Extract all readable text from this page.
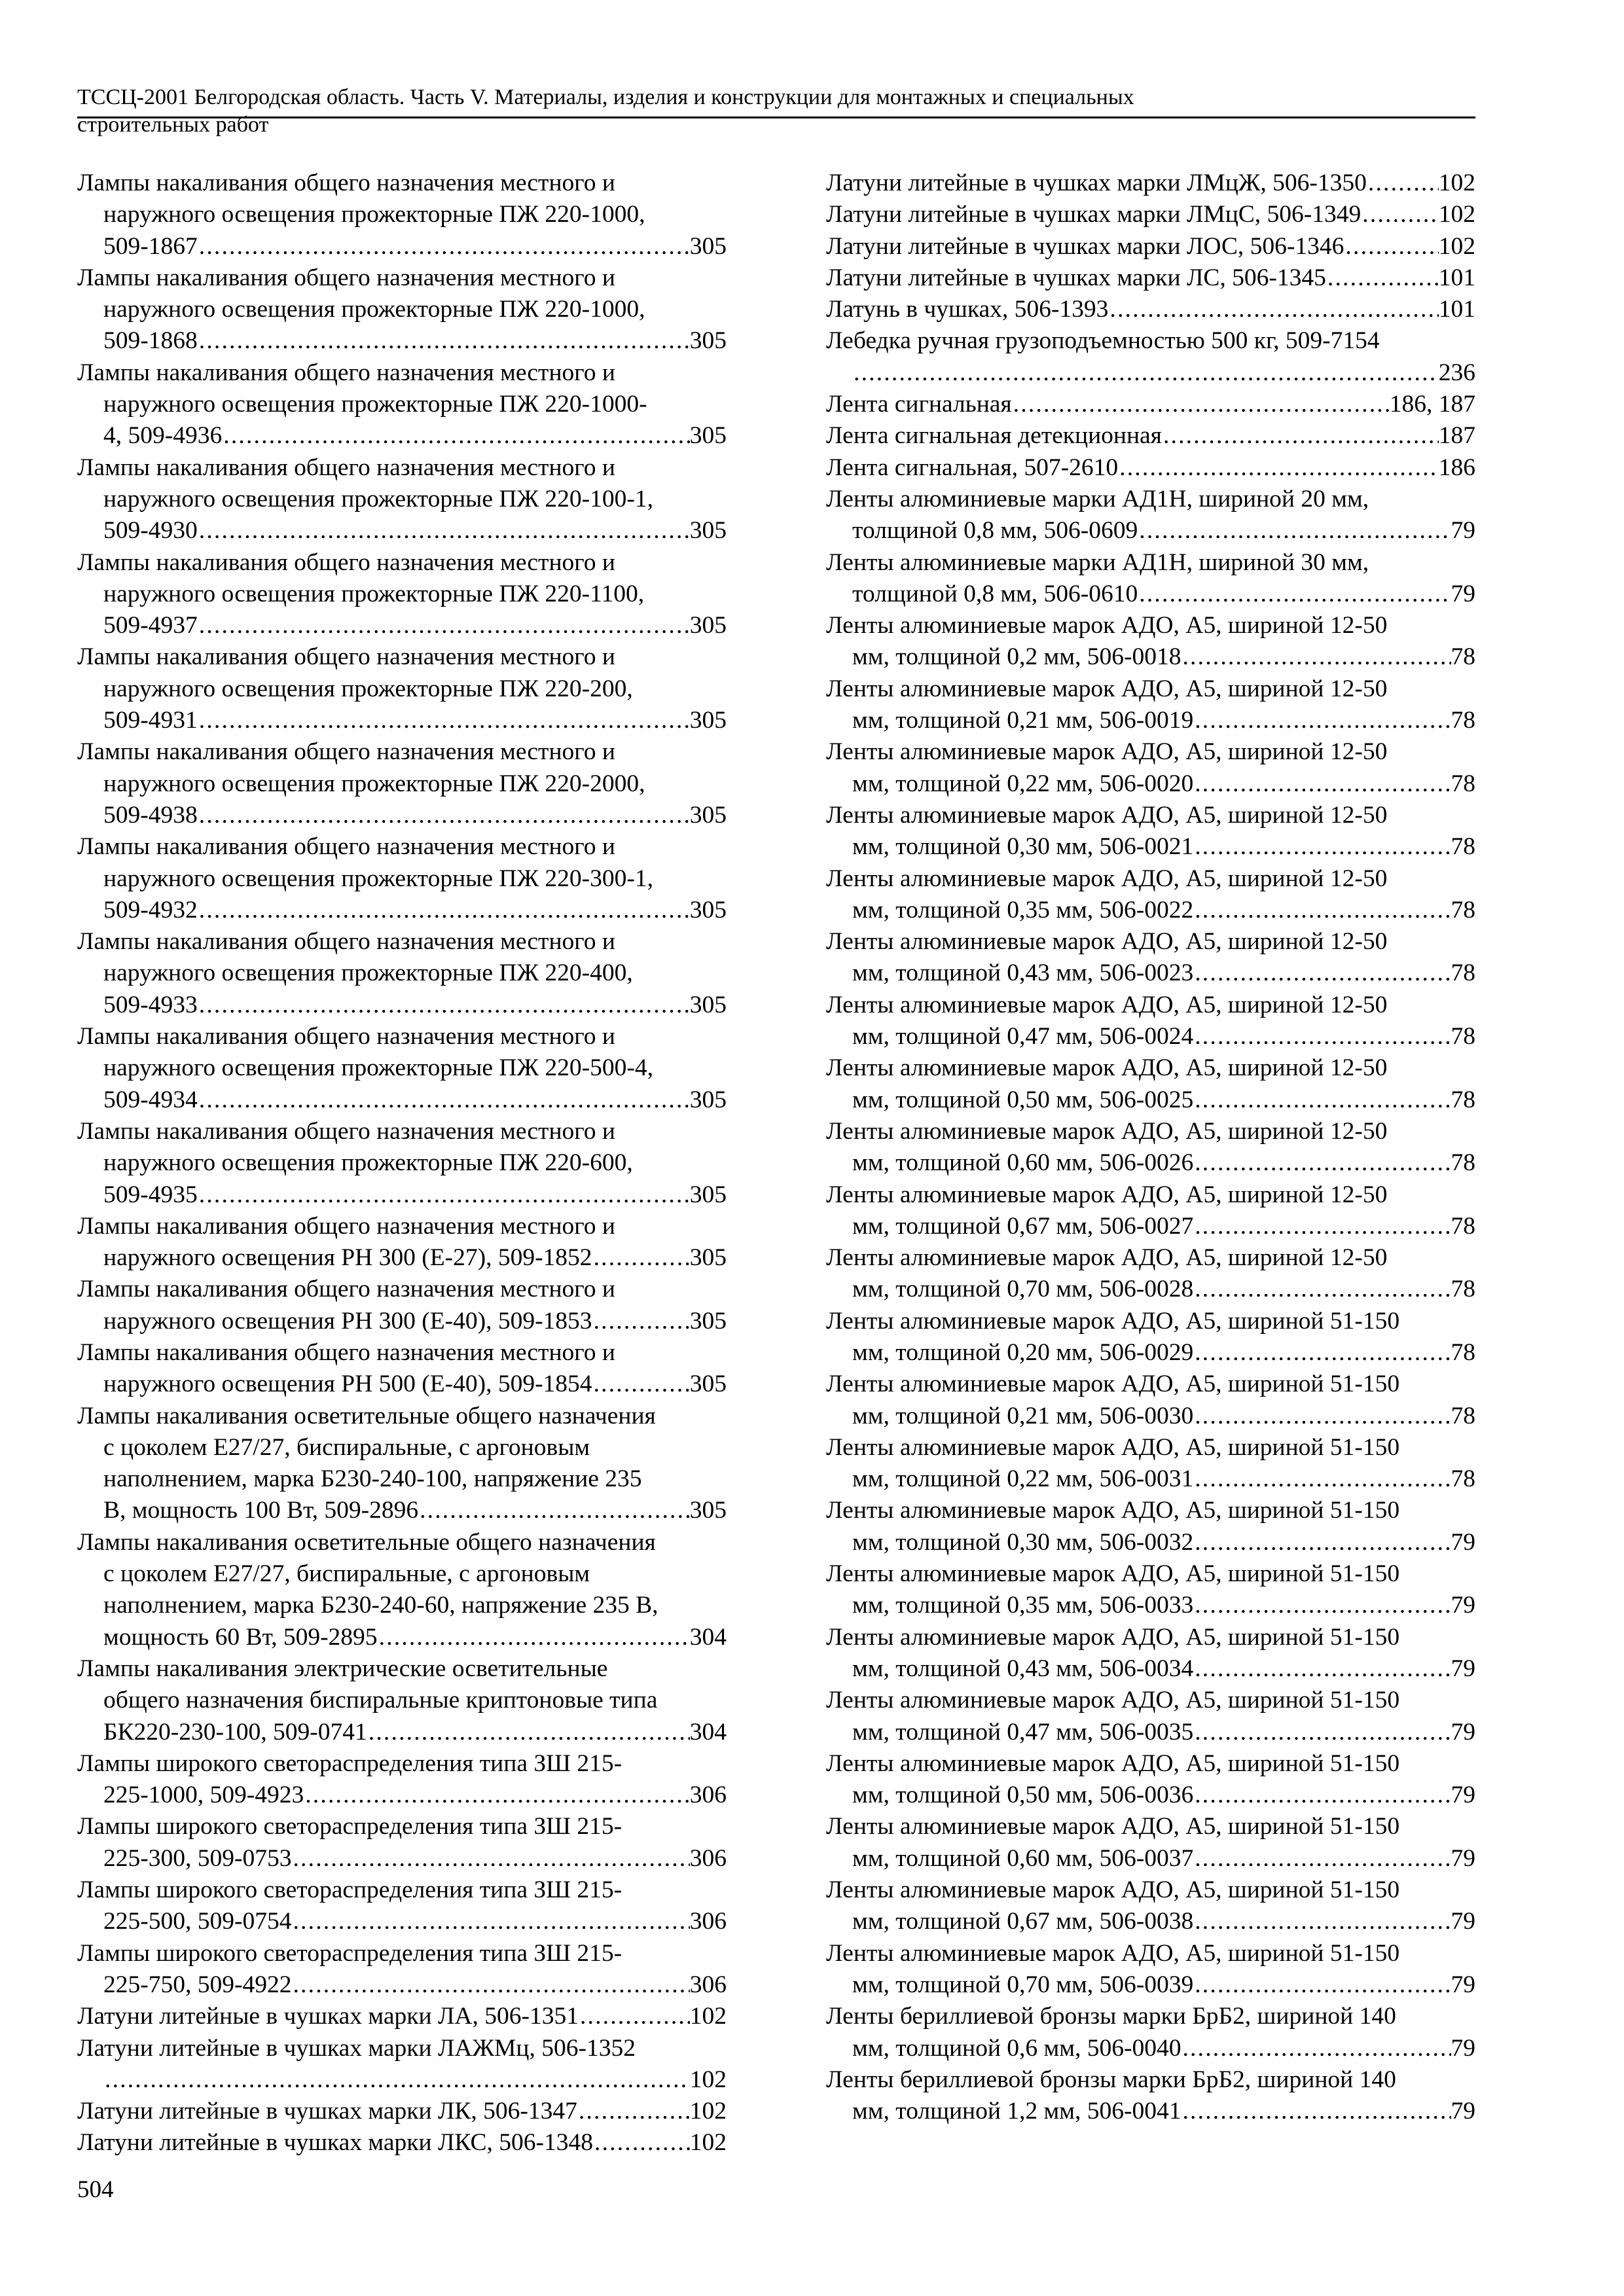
ТССЦ-2001 Белгородская область. Часть V. Материалы, изделия и конструкции для монтажных и специальных
строительных работ
Лампы накаливания общего назначения местного и
наружного освещения прожекторные ПЖ 220-1000,
509-1867 .....	305
Лампы накаливания общего назначения местного и
наружного освещения прожекторные ПЖ 220-1000,
509-1868 .....	305
Лампы накаливания общего назначения местного и
наружного освещения прожекторные ПЖ 220-1000-
4, 509-4936 .....	305
Лампы накаливания общего назначения местного и
наружного освещения прожекторные ПЖ 220-100-1,
509-4930 .....	305
Лампы накаливания общего назначения местного и
наружного освещения прожекторные ПЖ 220-1100,
509-4937 .....	305
Лампы накаливания общего назначения местного и
наружного освещения прожекторные ПЖ 220-200,
509-4931 .....	305
Лампы накаливания общего назначения местного и
наружного освещения прожекторные ПЖ 220-2000,
509-4938 .....	305
Лампы накаливания общего назначения местного и
наружного освещения прожекторные ПЖ 220-300-1,
509-4932 .....	305
Лампы накаливания общего назначения местного и
наружного освещения прожекторные ПЖ 220-400,
509-4933 .....	305
Лампы накаливания общего назначения местного и
наружного освещения прожекторные ПЖ 220-500-4,
509-4934 .....	305
Лампы накаливания общего назначения местного и
наружного освещения прожекторные ПЖ 220-600,
509-4935 .....	305
Лампы накаливания общего назначения местного и
наружного освещения РН 300 (Е-27), 509-1852 .....	305
Лампы накаливания общего назначения местного и
наружного освещения РН 300 (Е-40), 509-1853 .....	305
Лампы накаливания общего назначения местного и
наружного освещения РН 500 (Е-40), 509-1854 .....	305
Лампы накаливания осветительные общего назначения
с цоколем Е27/27, биспиральные, с аргоновым
наполнением, марка Б230-240-100, напряжение 235
В, мощность 100 Вт, 509-2896 .....	305
Лампы накаливания осветительные общего назначения
с цоколем Е27/27, биспиральные, с аргоновым
наполнением, марка Б230-240-60, напряжение 235 В,
мощность 60 Вт, 509-2895 .....	304
Лампы накаливания электрические осветительные
общего назначения биспиральные криптоновые типа
БК220-230-100, 509-0741 .....	304
Лампы широкого светораспределения типа ЗШ 215-
225-1000, 509-4923 .....	306
Лампы широкого светораспределения типа ЗШ 215-
225-300, 509-0753 .....	306
Лампы широкого светораспределения типа ЗШ 215-
225-500, 509-0754 .....	306
Лампы широкого светораспределения типа ЗШ 215-
225-750, 509-4922 .....	306
Латуни литейные в чушках марки ЛА, 506-1351 .....	102
Латуни литейные в чушках марки ЛАЖМц, 506-1352
.....
102
Латуни литейные в чушках марки ЛК, 506-1347 .....	102
Латуни литейные в чушках марки ЛКС, 506-1348 .....	102
Латуни литейные в чушках марки ЛМцЖ, 506-1350 .....	102
Латуни литейные в чушках марки ЛМцС, 506-1349 .....	102
Латуни литейные в чушках марки ЛОС, 506-1346 .....	102
Латуни литейные в чушках марки ЛС, 506-1345 .....	101
Латунь в чушках, 506-1393 .....	101
Лебедка ручная грузоподъемностью 500 кг, 509-7154
.....
236
Лента сигнальная .....	186, 187
Лента сигнальная детекционная .....	187
Лента сигнальная, 507-2610 .....	186
Ленты алюминиевые марки АД1Н, шириной 20 мм,
толщиной 0,8 мм, 506-0609 .....	79
Ленты алюминиевые марки АД1Н, шириной 30 мм,
толщиной 0,8 мм, 506-0610 .....	79
Ленты алюминиевые марок АДО, А5, шириной 12-50
мм, толщиной 0,2 мм, 506-0018 .....	78
Ленты алюминиевые марок АДО, А5, шириной 12-50
мм, толщиной 0,21 мм, 506-0019 .....	78
Ленты алюминиевые марок АДО, А5, шириной 12-50
мм, толщиной 0,22 мм, 506-0020 .....	78
Ленты алюминиевые марок АДО, А5, шириной 12-50
мм, толщиной 0,30 мм, 506-0021 .....	78
Ленты алюминиевые марок АДО, А5, шириной 12-50
мм, толщиной 0,35 мм, 506-0022 .....	78
Ленты алюминиевые марок АДО, А5, шириной 12-50
мм, толщиной 0,43 мм, 506-0023 .....	78
Ленты алюминиевые марок АДО, А5, шириной 12-50
мм, толщиной 0,47 мм, 506-0024 .....	78
Ленты алюминиевые марок АДО, А5, шириной 12-50
мм, толщиной 0,50 мм, 506-0025 .....	78
Ленты алюминиевые марок АДО, А5, шириной 12-50
мм, толщиной 0,60 мм, 506-0026 .....	78
Ленты алюминиевые марок АДО, А5, шириной 12-50
мм, толщиной 0,67 мм, 506-0027 .....	78
Ленты алюминиевые марок АДО, А5, шириной 12-50
мм, толщиной 0,70 мм, 506-0028 .....	78
Ленты алюминиевые марок АДО, А5, шириной 51-150
мм, толщиной 0,20 мм, 506-0029 .....	78
Ленты алюминиевые марок АДО, А5, шириной 51-150
мм, толщиной 0,21 мм, 506-0030 .....	78
Ленты алюминиевые марок АДО, А5, шириной 51-150
мм, толщиной 0,22 мм, 506-0031 .....	78
Ленты алюминиевые марок АДО, А5, шириной 51-150
мм, толщиной 0,30 мм, 506-0032 .....	79
Ленты алюминиевые марок АДО, А5, шириной 51-150
мм, толщиной 0,35 мм, 506-0033 .....	79
Ленты алюминиевые марок АДО, А5, шириной 51-150
мм, толщиной 0,43 мм, 506-0034 .....	79
Ленты алюминиевые марок АДО, А5, шириной 51-150
мм, толщиной 0,47 мм, 506-0035 .....	79
Ленты алюминиевые марок АДО, А5, шириной 51-150
мм, толщиной 0,50 мм, 506-0036 .....	79
Ленты алюминиевые марок АДО, А5, шириной 51-150
мм, толщиной 0,60 мм, 506-0037 .....	79
Ленты алюминиевые марок АДО, А5, шириной 51-150
мм, толщиной 0,67 мм, 506-0038 .....	79
Ленты алюминиевые марок АДО, А5, шириной 51-150
мм, толщиной 0,70 мм, 506-0039 .....	79
Ленты бериллиевой бронзы марки БрБ2, шириной 140
мм, толщиной 0,6 мм, 506-0040 .....	79
Ленты бериллиевой бронзы марки БрБ2, шириной 140
мм, толщиной 1,2 мм, 506-0041 .....	79
504
